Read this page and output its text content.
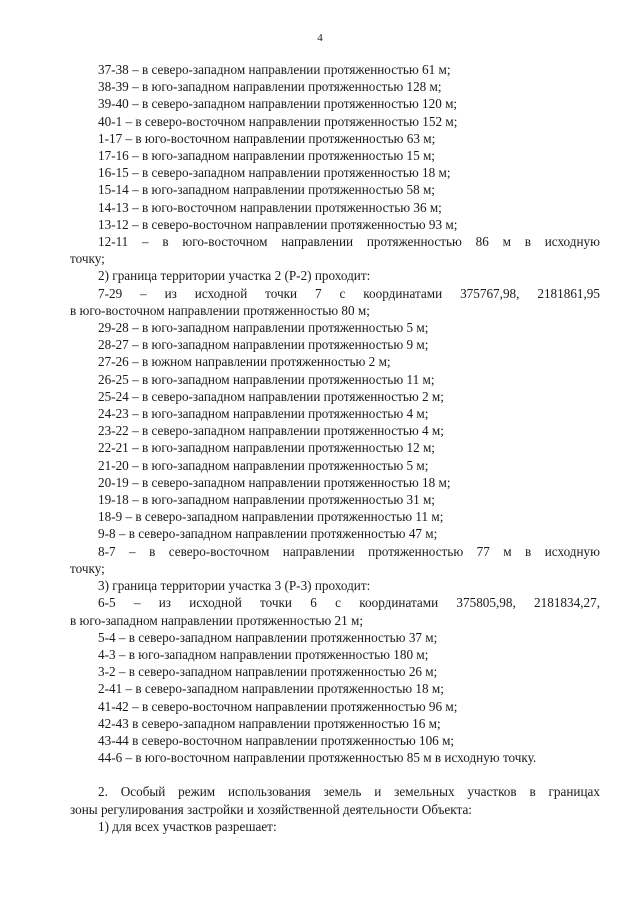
4
37-38 – в северо-западном направлении протяженностью 61 м;
38-39 – в юго-западном направлении протяженностью 128 м;
39-40 – в северо-западном направлении протяженностью 120 м;
40-1 – в северо-восточном направлении протяженностью 152 м;
1-17 – в юго-восточном направлении протяженностью 63 м;
17-16 – в юго-западном направлении протяженностью 15 м;
16-15 – в северо-западном направлении протяженностью 18 м;
15-14 – в юго-западном направлении протяженностью 58 м;
14-13 – в юго-восточном направлении протяженностью 36 м;
13-12 – в северо-восточном направлении протяженностью 93 м;
12-11 – в юго-восточном направлении протяженностью 86 м в исходную
точку;
2) граница территории участка 2 (Р-2) проходит:
7-29 – из исходной точки 7 с координатами 375767,98, 2181861,95
в юго-восточном направлении протяженностью 80 м;
29-28 – в юго-западном направлении протяженностью 5 м;
28-27 – в юго-западном направлении протяженностью 9 м;
27-26 – в южном направлении протяженностью 2 м;
26-25 – в юго-западном направлении протяженностью 11 м;
25-24 – в северо-западном направлении протяженностью 2 м;
24-23 – в юго-западном направлении протяженностью 4 м;
23-22 – в северо-западном направлении протяженностью 4 м;
22-21 – в юго-западном направлении протяженностью 12 м;
21-20 – в юго-западном направлении протяженностью 5 м;
20-19 – в северо-западном направлении протяженностью 18 м;
19-18 – в юго-западном направлении протяженностью 31 м;
18-9 – в северо-западном направлении протяженностью 11 м;
9-8 – в северо-западном направлении протяженностью 47 м;
8-7 – в северо-восточном направлении протяженностью 77 м в исходную
точку;
3) граница территории участка 3 (Р-3) проходит:
6-5 – из исходной точки 6 с координатами 375805,98, 2181834,27,
в юго-западном направлении протяженностью 21 м;
5-4 – в северо-западном направлении протяженностью 37 м;
4-3 – в юго-западном направлении протяженностью 180 м;
3-2 – в северо-западном направлении протяженностью 26 м;
2-41 – в северо-западном направлении протяженностью 18 м;
41-42 – в северо-восточном направлении протяженностью 96 м;
42-43 в северо-западном направлении протяженностью 16 м;
43-44 в северо-восточном направлении протяженностью 106 м;
44-6 – в юго-восточном направлении протяженностью 85 м в исходную точку.
2. Особый режим использования земель и земельных участков в границах
зоны регулирования застройки и хозяйственной деятельности Объекта:
1) для всех участков разрешает:
